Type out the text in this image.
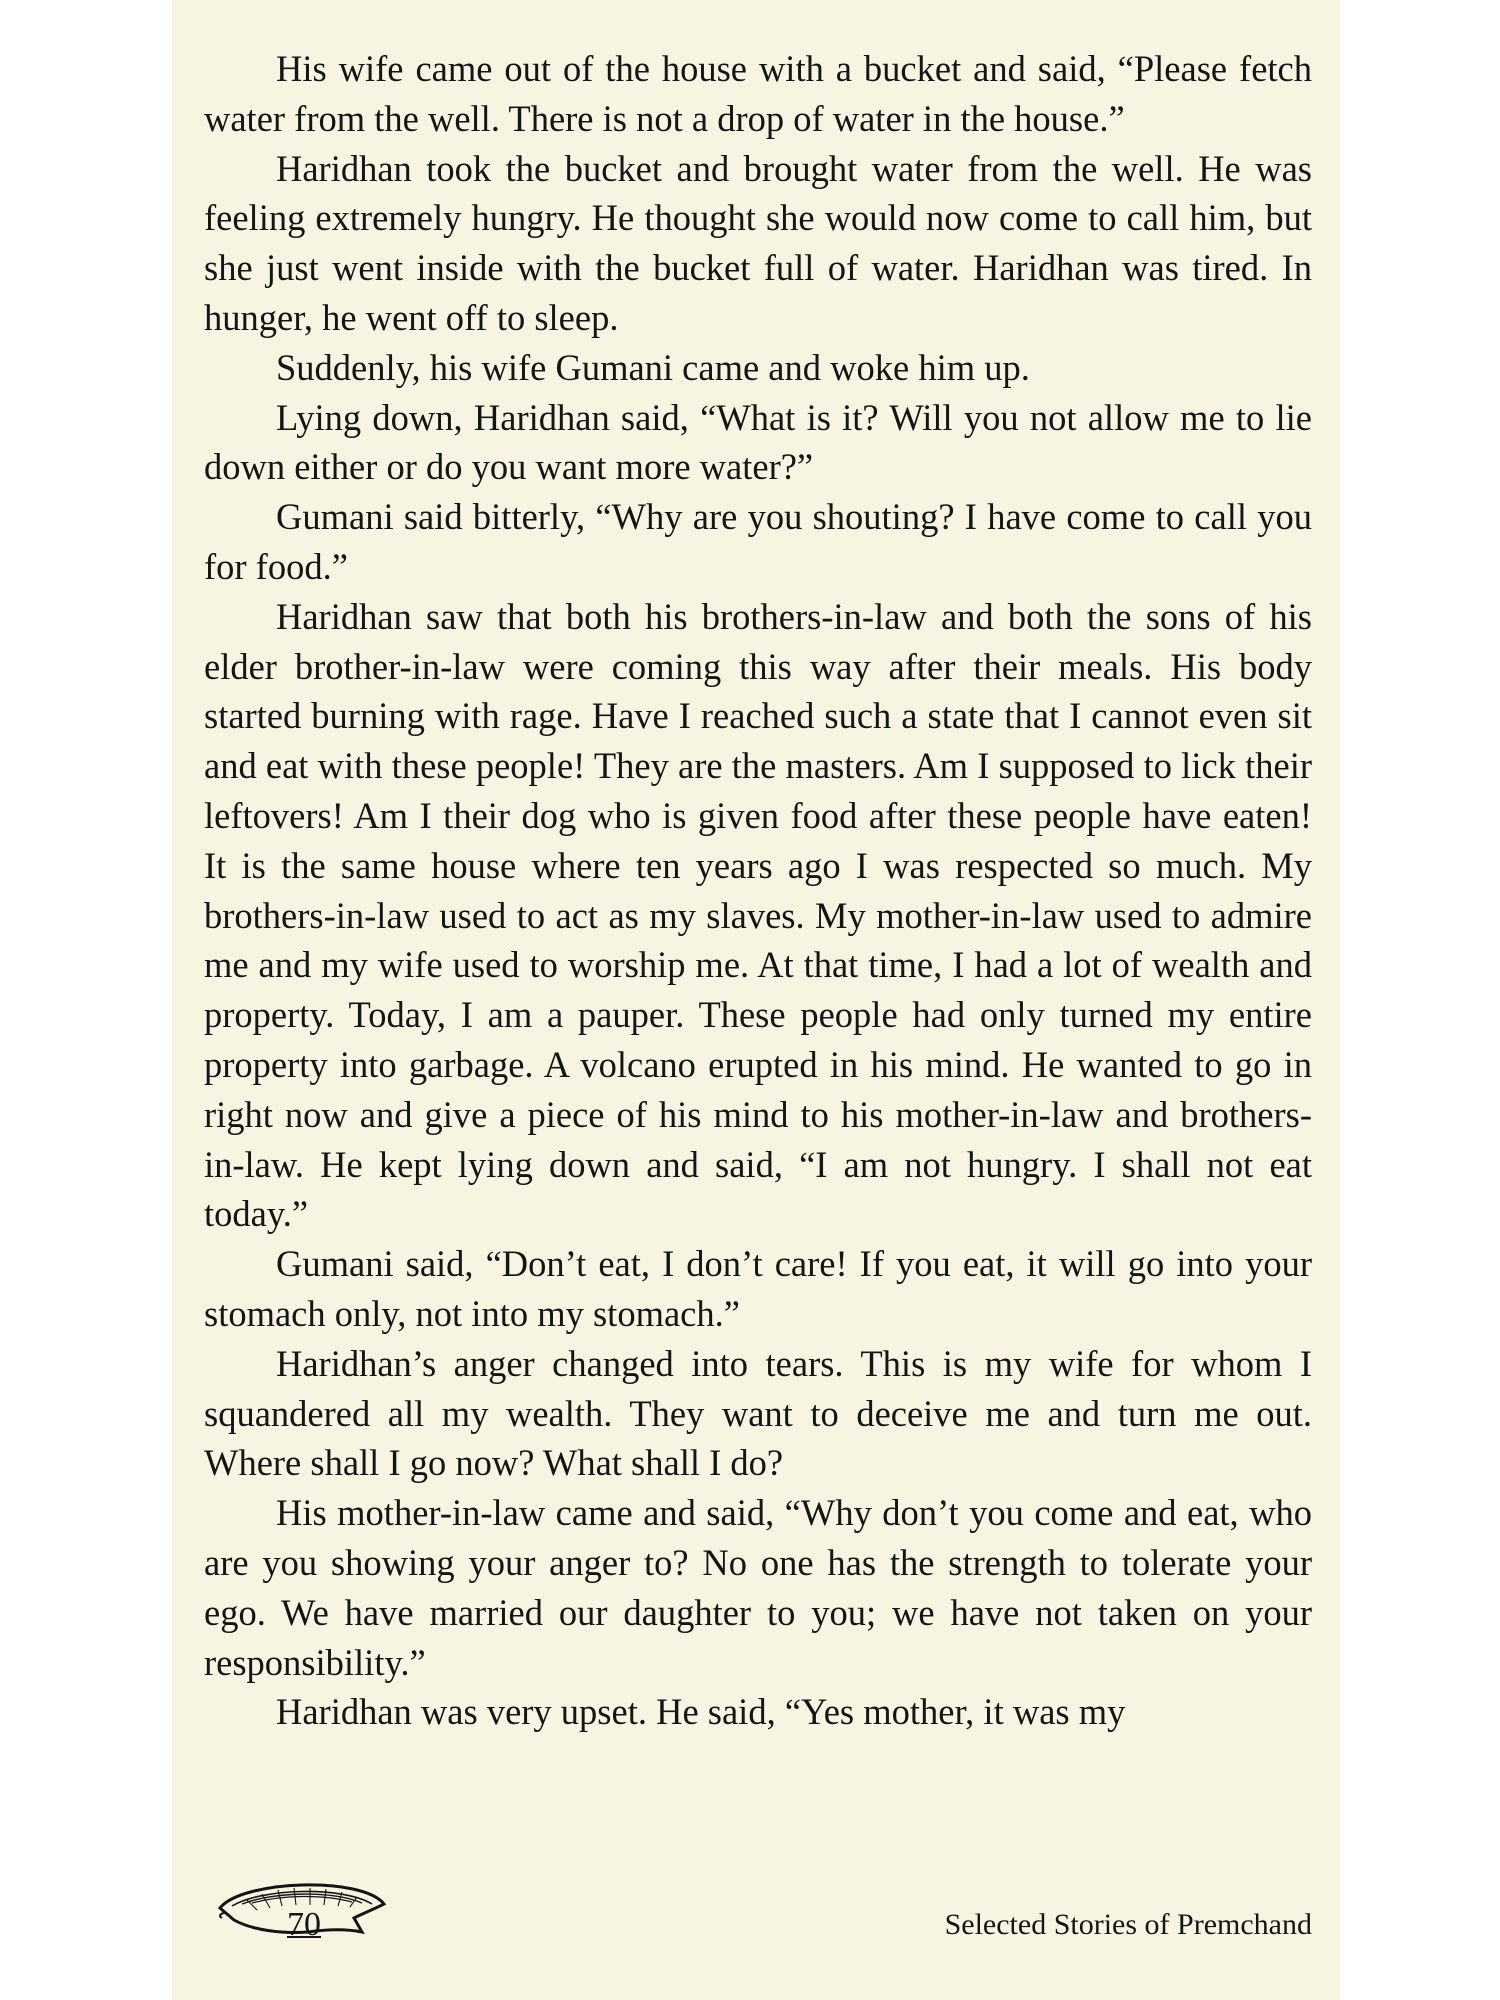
His wife came out of the house with a bucket and said, “Please fetch water from the well. There is not a drop of water in the house.”

Haridhan took the bucket and brought water from the well. He was feeling extremely hungry. He thought she would now come to call him, but she just went inside with the bucket full of water. Haridhan was tired. In hunger, he went off to sleep.

Suddenly, his wife Gumani came and woke him up.

Lying down, Haridhan said, “What is it? Will you not allow me to lie down either or do you want more water?”

Gumani said bitterly, “Why are you shouting? I have come to call you for food.”

Haridhan saw that both his brothers-in-law and both the sons of his elder brother-in-law were coming this way after their meals. His body started burning with rage. Have I reached such a state that I cannot even sit and eat with these people! They are the masters. Am I supposed to lick their leftovers! Am I their dog who is given food after these people have eaten! It is the same house where ten years ago I was respected so much. My brothers-in-law used to act as my slaves. My mother-in-law used to admire me and my wife used to worship me. At that time, I had a lot of wealth and property. Today, I am a pauper. These people had only turned my entire property into garbage. A volcano erupted in his mind. He wanted to go in right now and give a piece of his mind to his mother-in-law and brothers-in-law. He kept lying down and said, “I am not hungry. I shall not eat today.”

Gumani said, “Don’t eat, I don’t care! If you eat, it will go into your stomach only, not into my stomach.”

Haridhan’s anger changed into tears. This is my wife for whom I squandered all my wealth. They want to deceive me and turn me out. Where shall I go now? What shall I do?

His mother-in-law came and said, “Why don’t you come and eat, who are you showing your anger to? No one has the strength to tolerate your ego. We have married our daughter to you; we have not taken on your responsibility.”

Haridhan was very upset. He said, “Yes mother, it was my

70	Selected Stories of Premchand
